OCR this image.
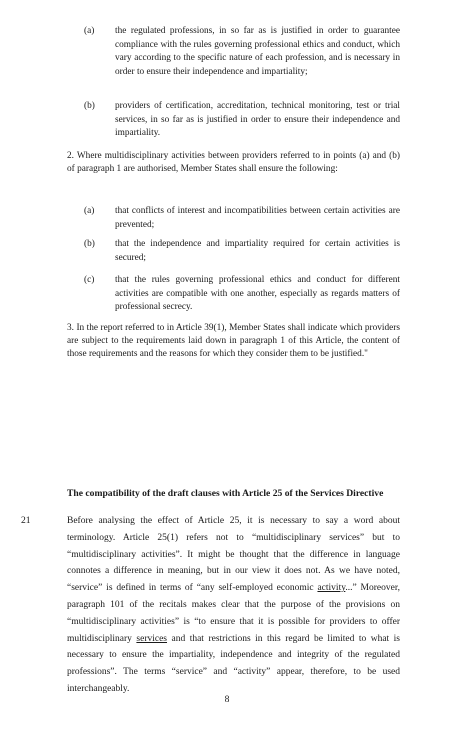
(a)	the regulated professions, in so far as is justified in order to guarantee compliance with the rules governing professional ethics and conduct, which vary according to the specific nature of each profession, and is necessary in order to ensure their independence and impartiality;
(b)	providers of certification, accreditation, technical monitoring, test or trial services, in so far as is justified in order to ensure their independence and impartiality.
2. Where multidisciplinary activities between providers referred to in points (a) and (b) of paragraph 1 are authorised, Member States shall ensure the following:
(a)	that conflicts of interest and incompatibilities between certain activities are prevented;
(b)	that the independence and impartiality required for certain activities is secured;
(c)	that the rules governing professional ethics and conduct for different activities are compatible with one another, especially as regards matters of professional secrecy.
3. In the report referred to in Article 39(1), Member States shall indicate which providers are subject to the requirements laid down in paragraph 1 of this Article, the content of those requirements and the reasons for which they consider them to be justified."
The compatibility of the draft clauses with Article 25 of the Services Directive
21	Before analysing the effect of Article 25, it is necessary to say a word about terminology. Article 25(1) refers not to “multidisciplinary services” but to “multidisciplinary activities”. It might be thought that the difference in language connotes a difference in meaning, but in our view it does not. As we have noted, “service” is defined in terms of “any self-employed economic activity...” Moreover, paragraph 101 of the recitals makes clear that the purpose of the provisions on “multidisciplinary activities” is “to ensure that it is possible for providers to offer multidisciplinary services and that restrictions in this regard be limited to what is necessary to ensure the impartiality, independence and integrity of the regulated professions”. The terms “service” and “activity” appear, therefore, to be used interchangeably.
8
